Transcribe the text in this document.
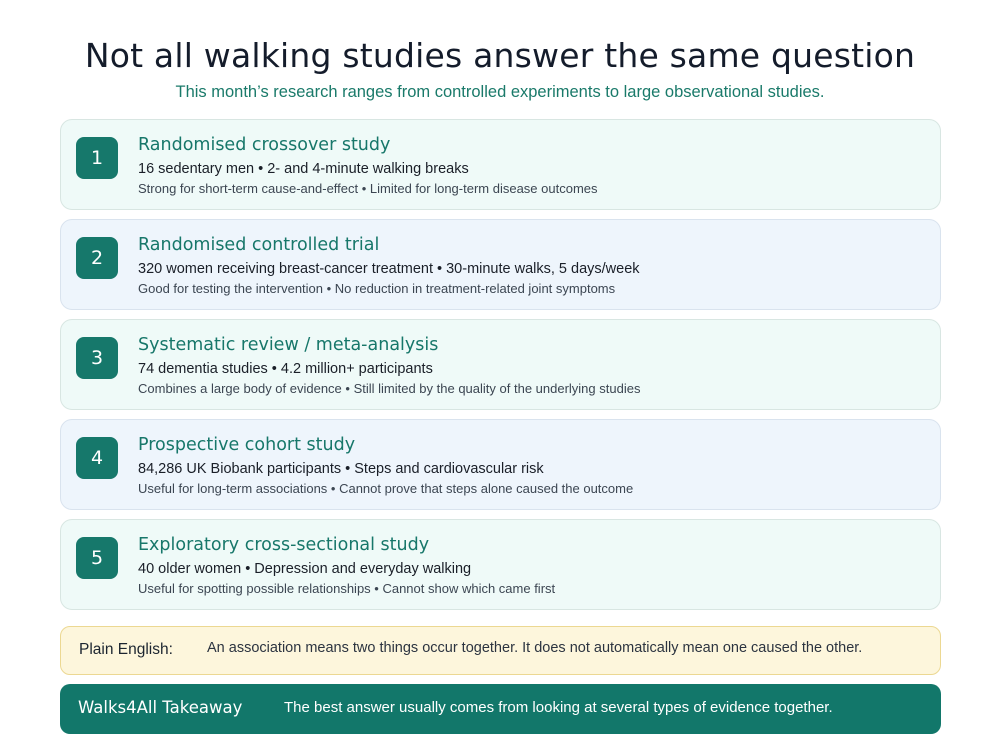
Not all walking studies answer the same question

This month’s research ranges from controlled experiments to large observational studies.

1
Randomised crossover study
16 sedentary men • 2- and 4-minute walking breaks
Strong for short-term cause-and-effect • Limited for long-term disease outcomes
2
Randomised controlled trial
320 women receiving breast-cancer treatment • 30-minute walks, 5 days/week
Good for testing the intervention • No reduction in treatment-related joint symptoms
3
Systematic review / meta-analysis
74 dementia studies • 4.2 million+ participants
Combines a large body of evidence • Still limited by the quality of the underlying studies
4
Prospective cohort study
84,286 UK Biobank participants • Steps and cardiovascular risk
Useful for long-term associations • Cannot prove that steps alone caused the outcome
5
Exploratory cross-sectional study
40 older women • Depression and everyday walking
Useful for spotting possible relationships • Cannot show which came first
Plain English: An association means two things occur together. It does not automatically mean one caused the other.
Walks4All Takeaway	The best answer usually comes from looking at several types of evidence together.
